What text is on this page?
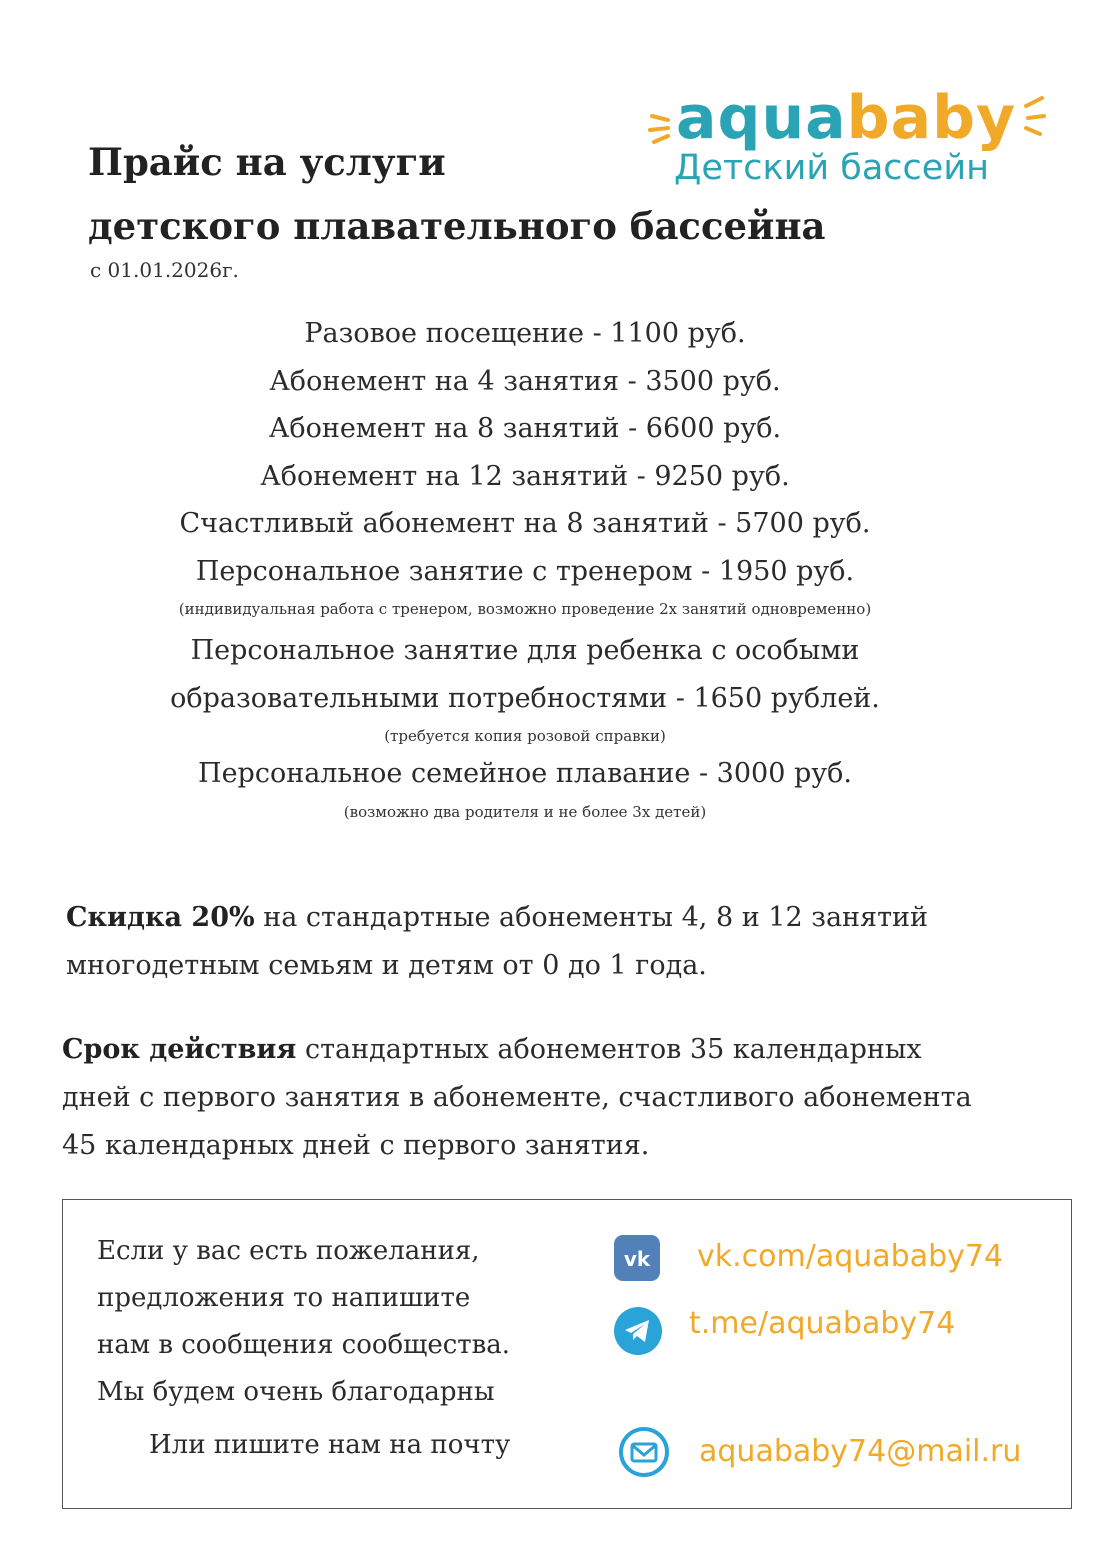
aquababy

Детский бассейн

Прайс на услуги
детского плавательного бассейна

с 01.01.2026г.

Разовое посещение - 1100 руб.

Абонемент на 4 занятия - 3500 руб.

Абонемент на 8 занятий - 6600 руб.

Абонемент на 12 занятий - 9250 руб.

Счастливый абонемент на 8 занятий - 5700 руб.

Персональное занятие с тренером - 1950 руб.

(индивидуальная работа с тренером, возможно проведение 2х занятий одновременно)

Персональное занятие для ребенка с особыми

образовательными потребностями - 1650 рублей.

(требуется копия розовой справки)

Персональное семейное плавание - 3000 руб.

(возможно два родителя и не более 3х детей)

Скидка 20% на стандартные абонементы 4, 8 и 12 занятий
многодетным семьям и детям от 0 до 1 года.

Срок действия стандартных абонементов 35 календарных
дней с первого занятия в абонементе, счастливого абонемента
45 календарных дней с первого занятия.

Если у вас есть пожелания,
предложения то напишите
нам в сообщения сообщества.
Мы будем очень благодарны

Или пишите нам на почту

vk vk.com/aquababy74
t.me/aquababy74
aquababy74@mail.ru
